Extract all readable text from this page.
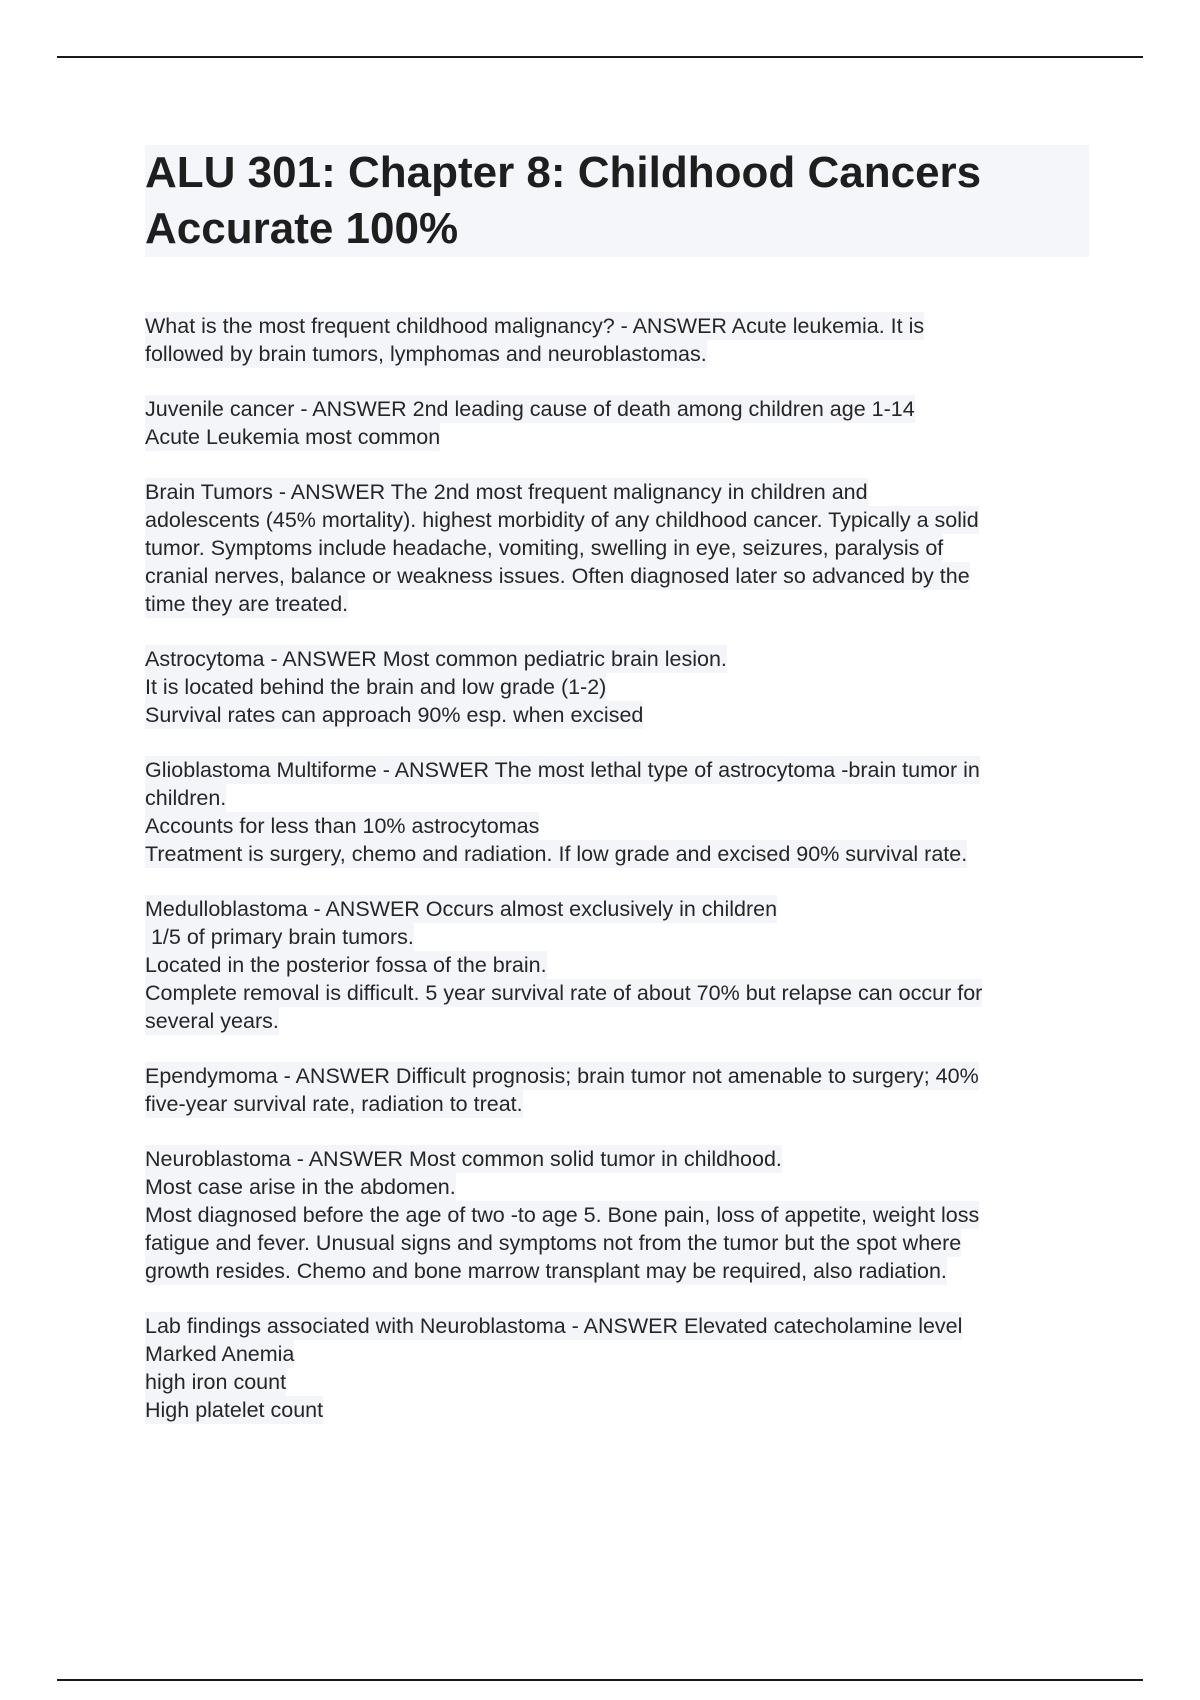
ALU 301: Chapter 8: Childhood Cancers
Accurate 100%
What is the most frequent childhood malignancy? - ANSWER Acute leukemia. It is
followed by brain tumors, lymphomas and neuroblastomas.
Juvenile cancer - ANSWER 2nd leading cause of death among children age 1-14
Acute Leukemia most common
Brain Tumors - ANSWER The 2nd most frequent malignancy in children and
adolescents (45% mortality). highest morbidity of any childhood cancer. Typically a solid
tumor. Symptoms include headache, vomiting, swelling in eye, seizures, paralysis of
cranial nerves, balance or weakness issues. Often diagnosed later so advanced by the
time they are treated.
Astrocytoma - ANSWER Most common pediatric brain lesion.
It is located behind the brain and low grade (1-2)
Survival rates can approach 90% esp. when excised
Glioblastoma Multiforme - ANSWER The most lethal type of astrocytoma -brain tumor in
children.
Accounts for less than 10% astrocytomas
Treatment is surgery, chemo and radiation. If low grade and excised 90% survival rate.
Medulloblastoma - ANSWER Occurs almost exclusively in children
1/5 of primary brain tumors.
Located in the posterior fossa of the brain.
Complete removal is difficult. 5 year survival rate of about 70% but relapse can occur for
several years.
Ependymoma - ANSWER Difficult prognosis; brain tumor not amenable to surgery; 40%
five-year survival rate, radiation to treat.
Neuroblastoma - ANSWER Most common solid tumor in childhood.
Most case arise in the abdomen.
Most diagnosed before the age of two -to age 5. Bone pain, loss of appetite, weight loss
fatigue and fever. Unusual signs and symptoms not from the tumor but the spot where
growth resides. Chemo and bone marrow transplant may be required, also radiation.
Lab findings associated with Neuroblastoma - ANSWER Elevated catecholamine level
Marked Anemia
high iron count
High platelet count
